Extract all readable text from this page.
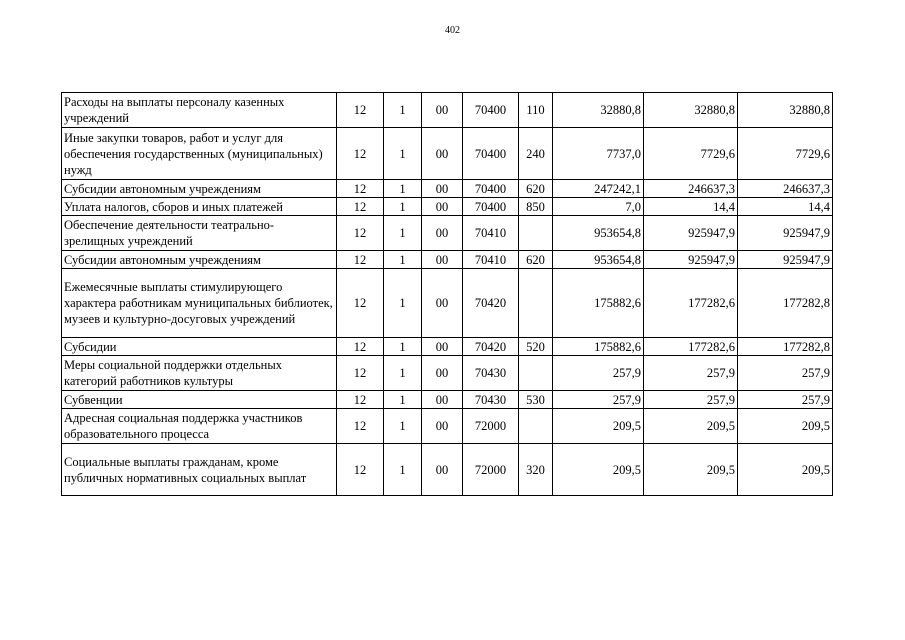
402
Расходы на выплаты персоналу казенных учреждений	12	1	00	70400	110	32880,8	32880,8	32880,8
Иные закупки товаров, работ и услуг для обеспечения государственных (муниципальных) нужд	12	1	00	70400	240	7737,0	7729,6	7729,6
Субсидии автономным учреждениям	12	1	00	70400	620	247242,1	246637,3	246637,3
Уплата налогов, сборов и иных платежей	12	1	00	70400	850	7,0	14,4	14,4
Обеспечение деятельности театрально-зрелищных учреждений	12	1	00	70410		953654,8	925947,9	925947,9
Субсидии автономным учреждениям	12	1	00	70410	620	953654,8	925947,9	925947,9
Ежемесячные выплаты стимулирующего характера работникам муниципальных библиотек, музеев и культурно-досуговых учреждений	12	1	00	70420		175882,6	177282,6	177282,8
Субсидии	12	1	00	70420	520	175882,6	177282,6	177282,8
Меры социальной поддержки отдельных категорий работников культуры	12	1	00	70430		257,9	257,9	257,9
Субвенции	12	1	00	70430	530	257,9	257,9	257,9
Адресная социальная поддержка участников образовательного процесса	12	1	00	72000		209,5	209,5	209,5
Социальные выплаты гражданам, кроме публичных нормативных социальных выплат	12	1	00	72000	320	209,5	209,5	209,5
